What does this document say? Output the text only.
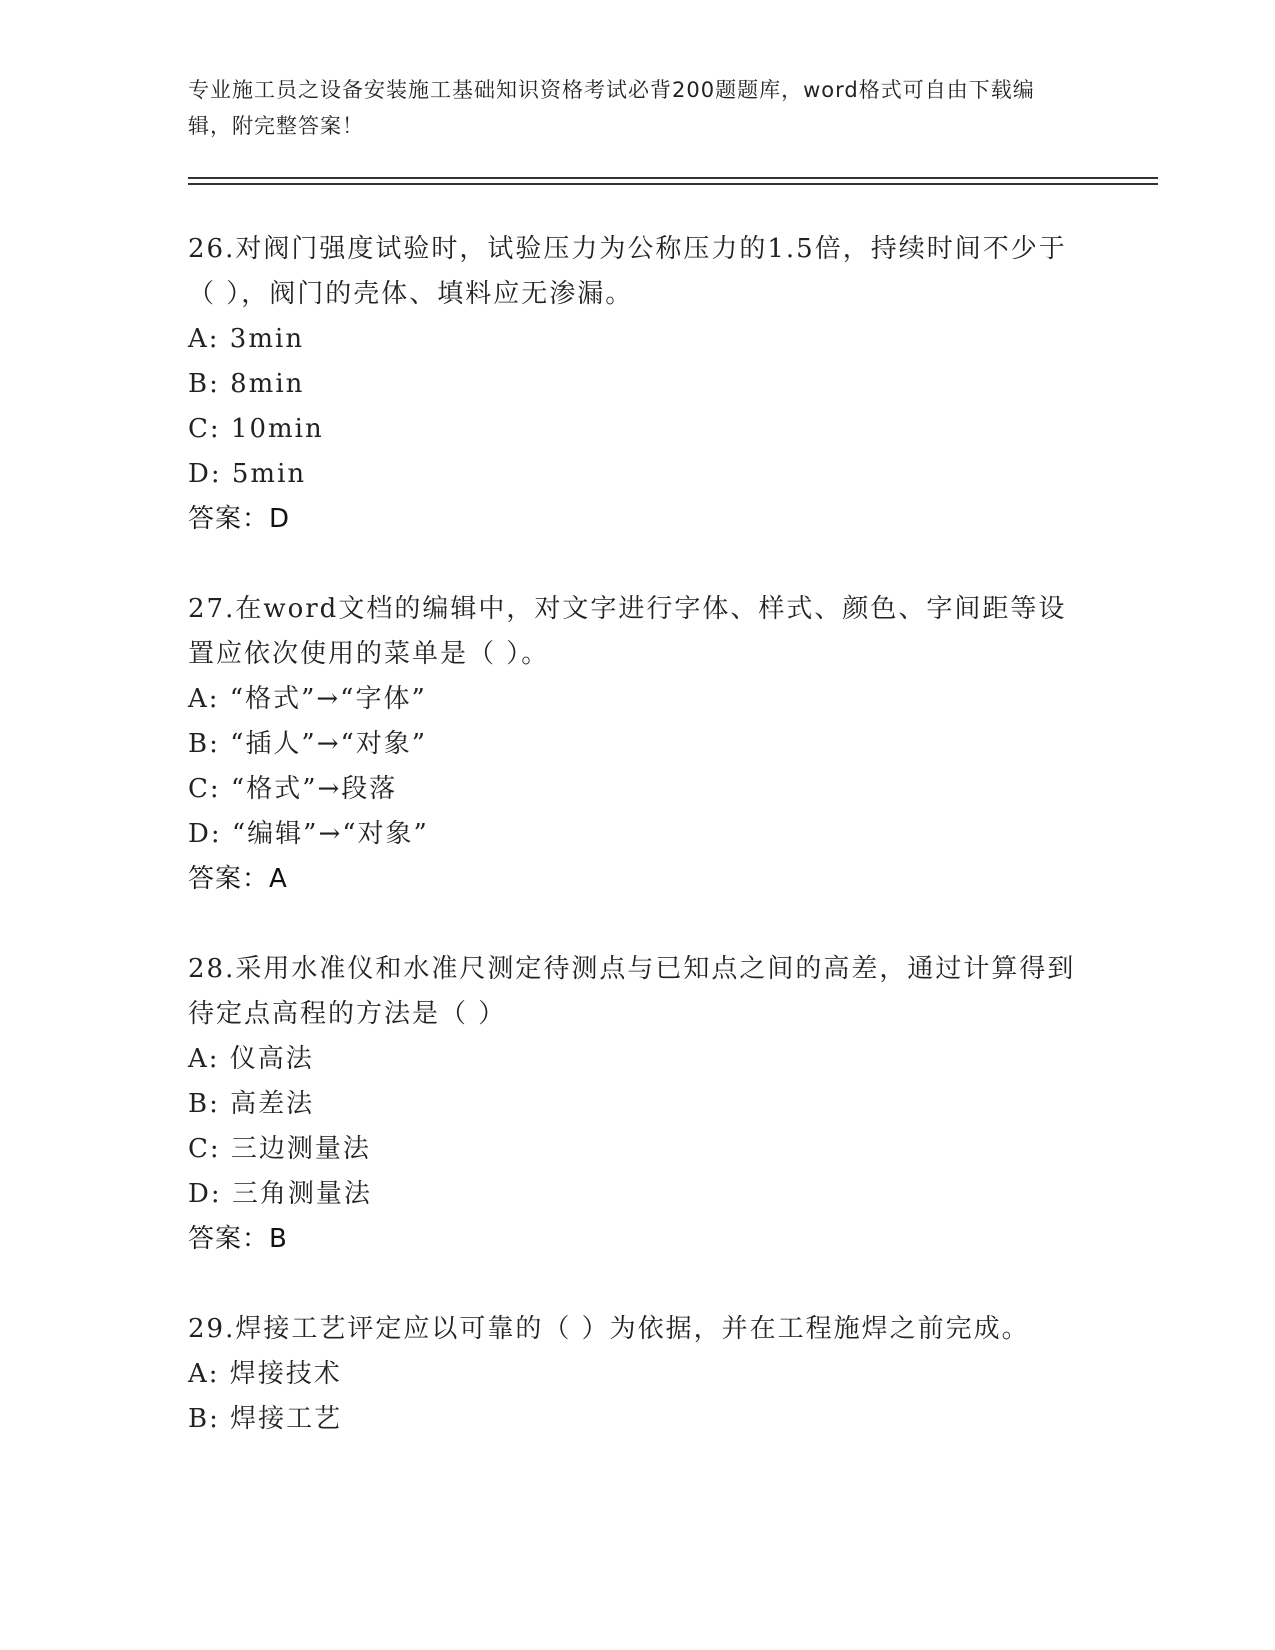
专业施工员之设备安装施工基础知识资格考试必背200题题库，word格式可自由下载编辑，附完整答案！

26.对阀门强度试验时，试验压力为公称压力的1.5倍，持续时间不少于（ ），阀门的壳体、填料应无渗漏。

A: 3min
B: 8min
C: 10min
D: 5min
答案：D

27.在word文档的编辑中，对文字进行字体、样式、颜色、字间距等设置应依次使用的菜单是（ ）。

A: “格式”→“字体”
B: “插人”→“对象”
C: “格式”→段落
D: “编辑”→“对象”
答案：A

28.采用水准仪和水准尺测定待测点与已知点之间的高差，通过计算得到待定点高程的方法是（ ）

A: 仪高法
B: 高差法
C: 三边测量法
D: 三角测量法
答案：B

29.焊接工艺评定应以可靠的（ ）为依据，并在工程施焊之前完成。

A: 焊接技术
B: 焊接工艺
